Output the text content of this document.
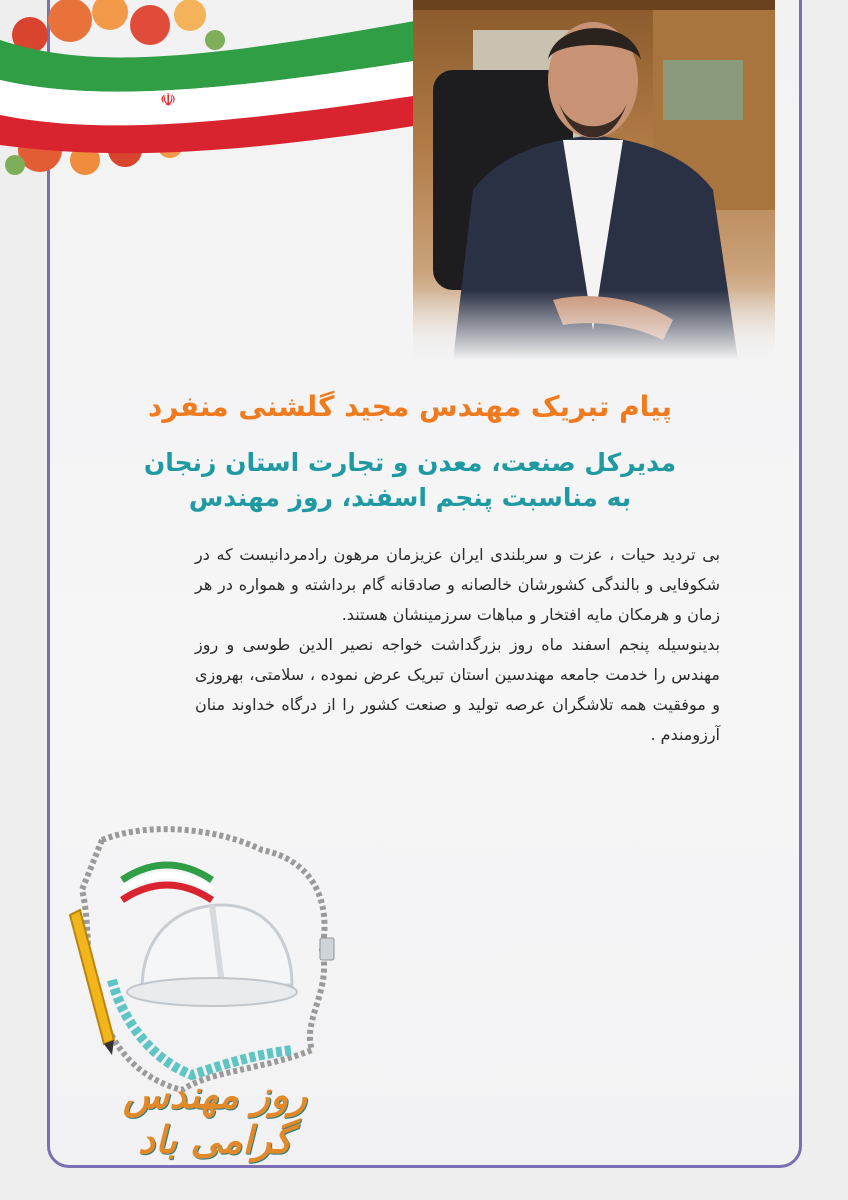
☫
پیام تبریک مهندس مجید گلشنی منفرد
مدیرکل صنعت، معدن و تجارت استان زنجان
به مناسبت پنجم اسفند، روز مهندس

بی تردید حیات ، عزت و سربلندی ایران عزیزمان مرهون رادمردانیست که در شکوفایی و بالندگی کشورشان خالصانه و صادقانه گام برداشته و همواره در هر زمان و هرمکان مایه افتخار و مباهات سرزمینشان هستند.

بدینوسیله پنجم اسفند ماه روز بزرگداشت خواجه نصیر الدین طوسی و روز مهندس را خدمت جامعه مهندسین استان تبریک عرض نموده ، سلامتی، بهروزی و موفقیت همه تلاشگران عرصه تولید و صنعت کشور را از درگاه خداوند منان آرزومندم .

روز مهندس گرامی باد
